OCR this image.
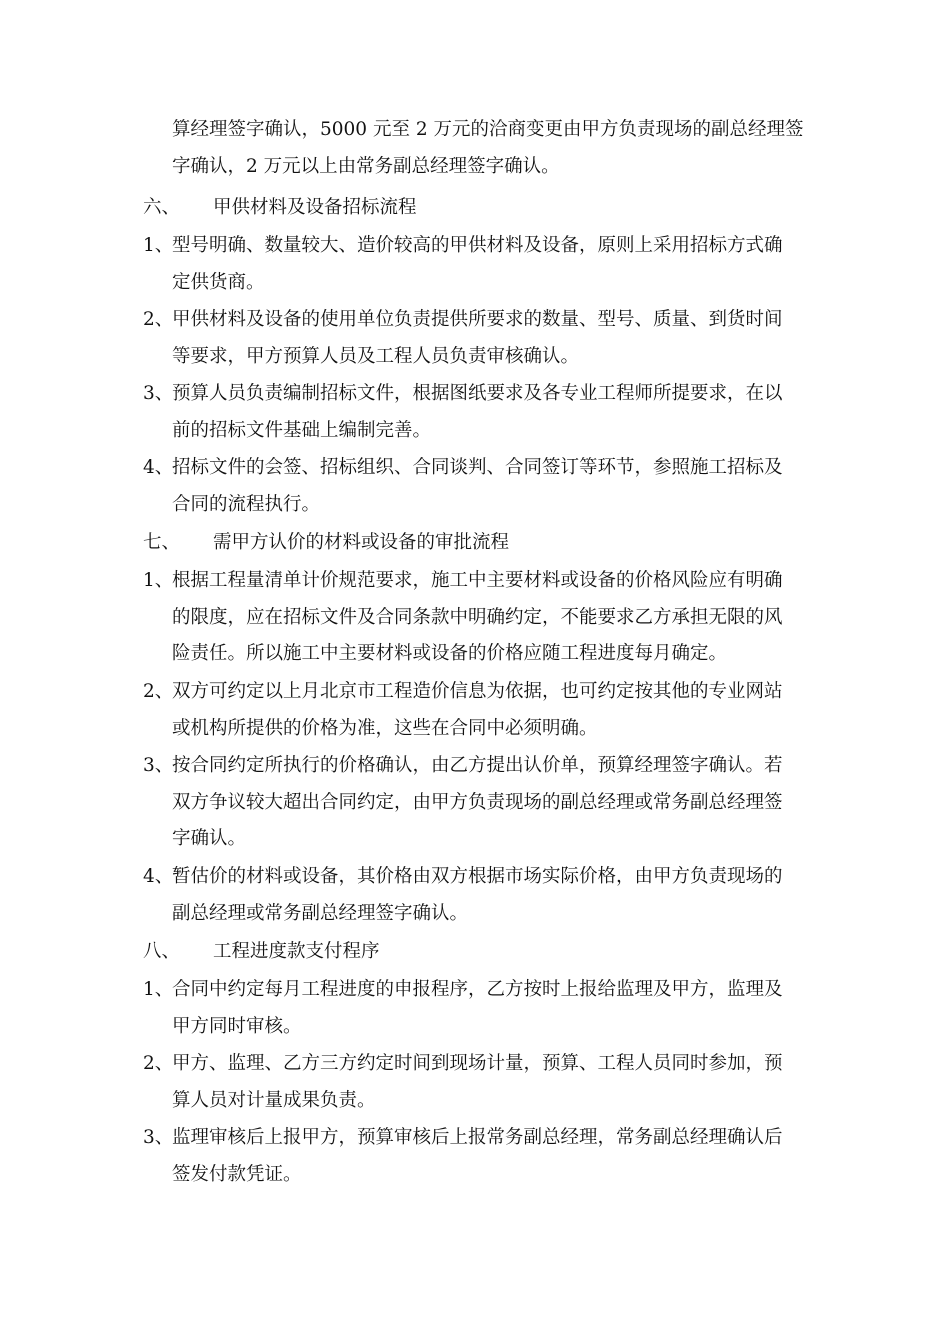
算经理签字确认，5000 元至 2 万元的洽商变更由甲方负责现场的副总经理签
字确认，2 万元以上由常务副总经理签字确认。
六、 甲供材料及设备招标流程
1、
型号明确、数量较大、造价较高的甲供材料及设备，原则上采用招标方式确
定供货商。
2、
甲供材料及设备的使用单位负责提供所要求的数量、型号、质量、到货时间
等要求，甲方预算人员及工程人员负责审核确认。
3、
预算人员负责编制招标文件，根据图纸要求及各专业工程师所提要求，在以
前的招标文件基础上编制完善。
4、
招标文件的会签、招标组织、合同谈判、合同签订等环节，参照施工招标及
合同的流程执行。
七、 需甲方认价的材料或设备的审批流程
1、
根据工程量清单计价规范要求，施工中主要材料或设备的价格风险应有明确
的限度，应在招标文件及合同条款中明确约定，不能要求乙方承担无限的风
险责任。所以施工中主要材料或设备的价格应随工程进度每月确定。
2、
双方可约定以上月北京市工程造价信息为依据，也可约定按其他的专业网站
或机构所提供的价格为准，这些在合同中必须明确。
3、
按合同约定所执行的价格确认，由乙方提出认价单，预算经理签字确认。若
双方争议较大超出合同约定，由甲方负责现场的副总经理或常务副总经理签
字确认。
4、
暂估价的材料或设备，其价格由双方根据市场实际价格，由甲方负责现场的
副总经理或常务副总经理签字确认。
八、 工程进度款支付程序
1、
合同中约定每月工程进度的申报程序，乙方按时上报给监理及甲方，监理及
甲方同时审核。
2、
甲方、监理、乙方三方约定时间到现场计量，预算、工程人员同时参加，预
算人员对计量成果负责。
3、
监理审核后上报甲方，预算审核后上报常务副总经理，常务副总经理确认后
签发付款凭证。
